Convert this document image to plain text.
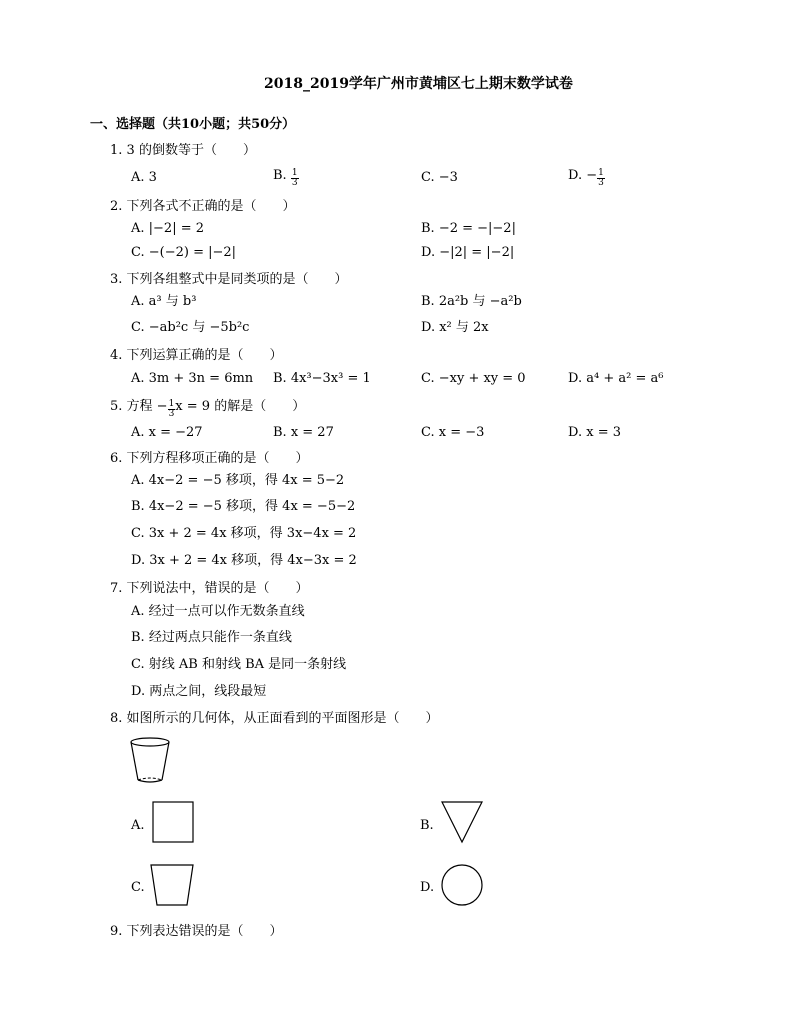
2018_2019学年广州市黄埔区七上期末数学试卷
一、选择题（共10小题；共50分）
1. 3 的倒数等于（　　）
A. 3	B. $\frac{1}{3}$	C. −3	D. − $\frac{1}{3}$
2. 下列各式不正确的是（　　）
A. |−2| = 2	B. −2 = −|−2|
C. −(−2) = |−2|	D. −|2| = |−2|
3. 下列各组整式中是同类项的是（　　）
A. a³ 与 b³	B. 2a²b 与 −a²b
C. −ab²c 与 −5b²c	D. x² 与 2x
4. 下列运算正确的是（　　）
A. 3m + 3n = 6mn B. 4x³−3x³ = 1	C. −xy + xy = 0	D. a⁴ + a² = a⁶
5. 方程 − $\frac{1}{3}$ x = 9 的解是（　　）
A. x = −27	B. x = 27	C. x = −3	D. x = 3
6. 下列方程移项正确的是（　　）
A. 4x−2 = −5 移项，得 4x = 5−2
B. 4x−2 = −5 移项，得 4x = −5−2
C. 3x + 2 = 4x 移项，得 3x−4x = 2
D. 3x + 2 = 4x 移项，得 4x−3x = 2
7. 下列说法中，错误的是（　　）
A. 经过一点可以作无数条直线
B. 经过两点只能作一条直线
C. 射线 AB 和射线 BA 是同一条射线
D. 两点之间，线段最短
8. 如图所示的几何体，从正面看到的平面图形是（　　）
A.	B.
C.	D.
9. 下列表达错误的是（　　）
